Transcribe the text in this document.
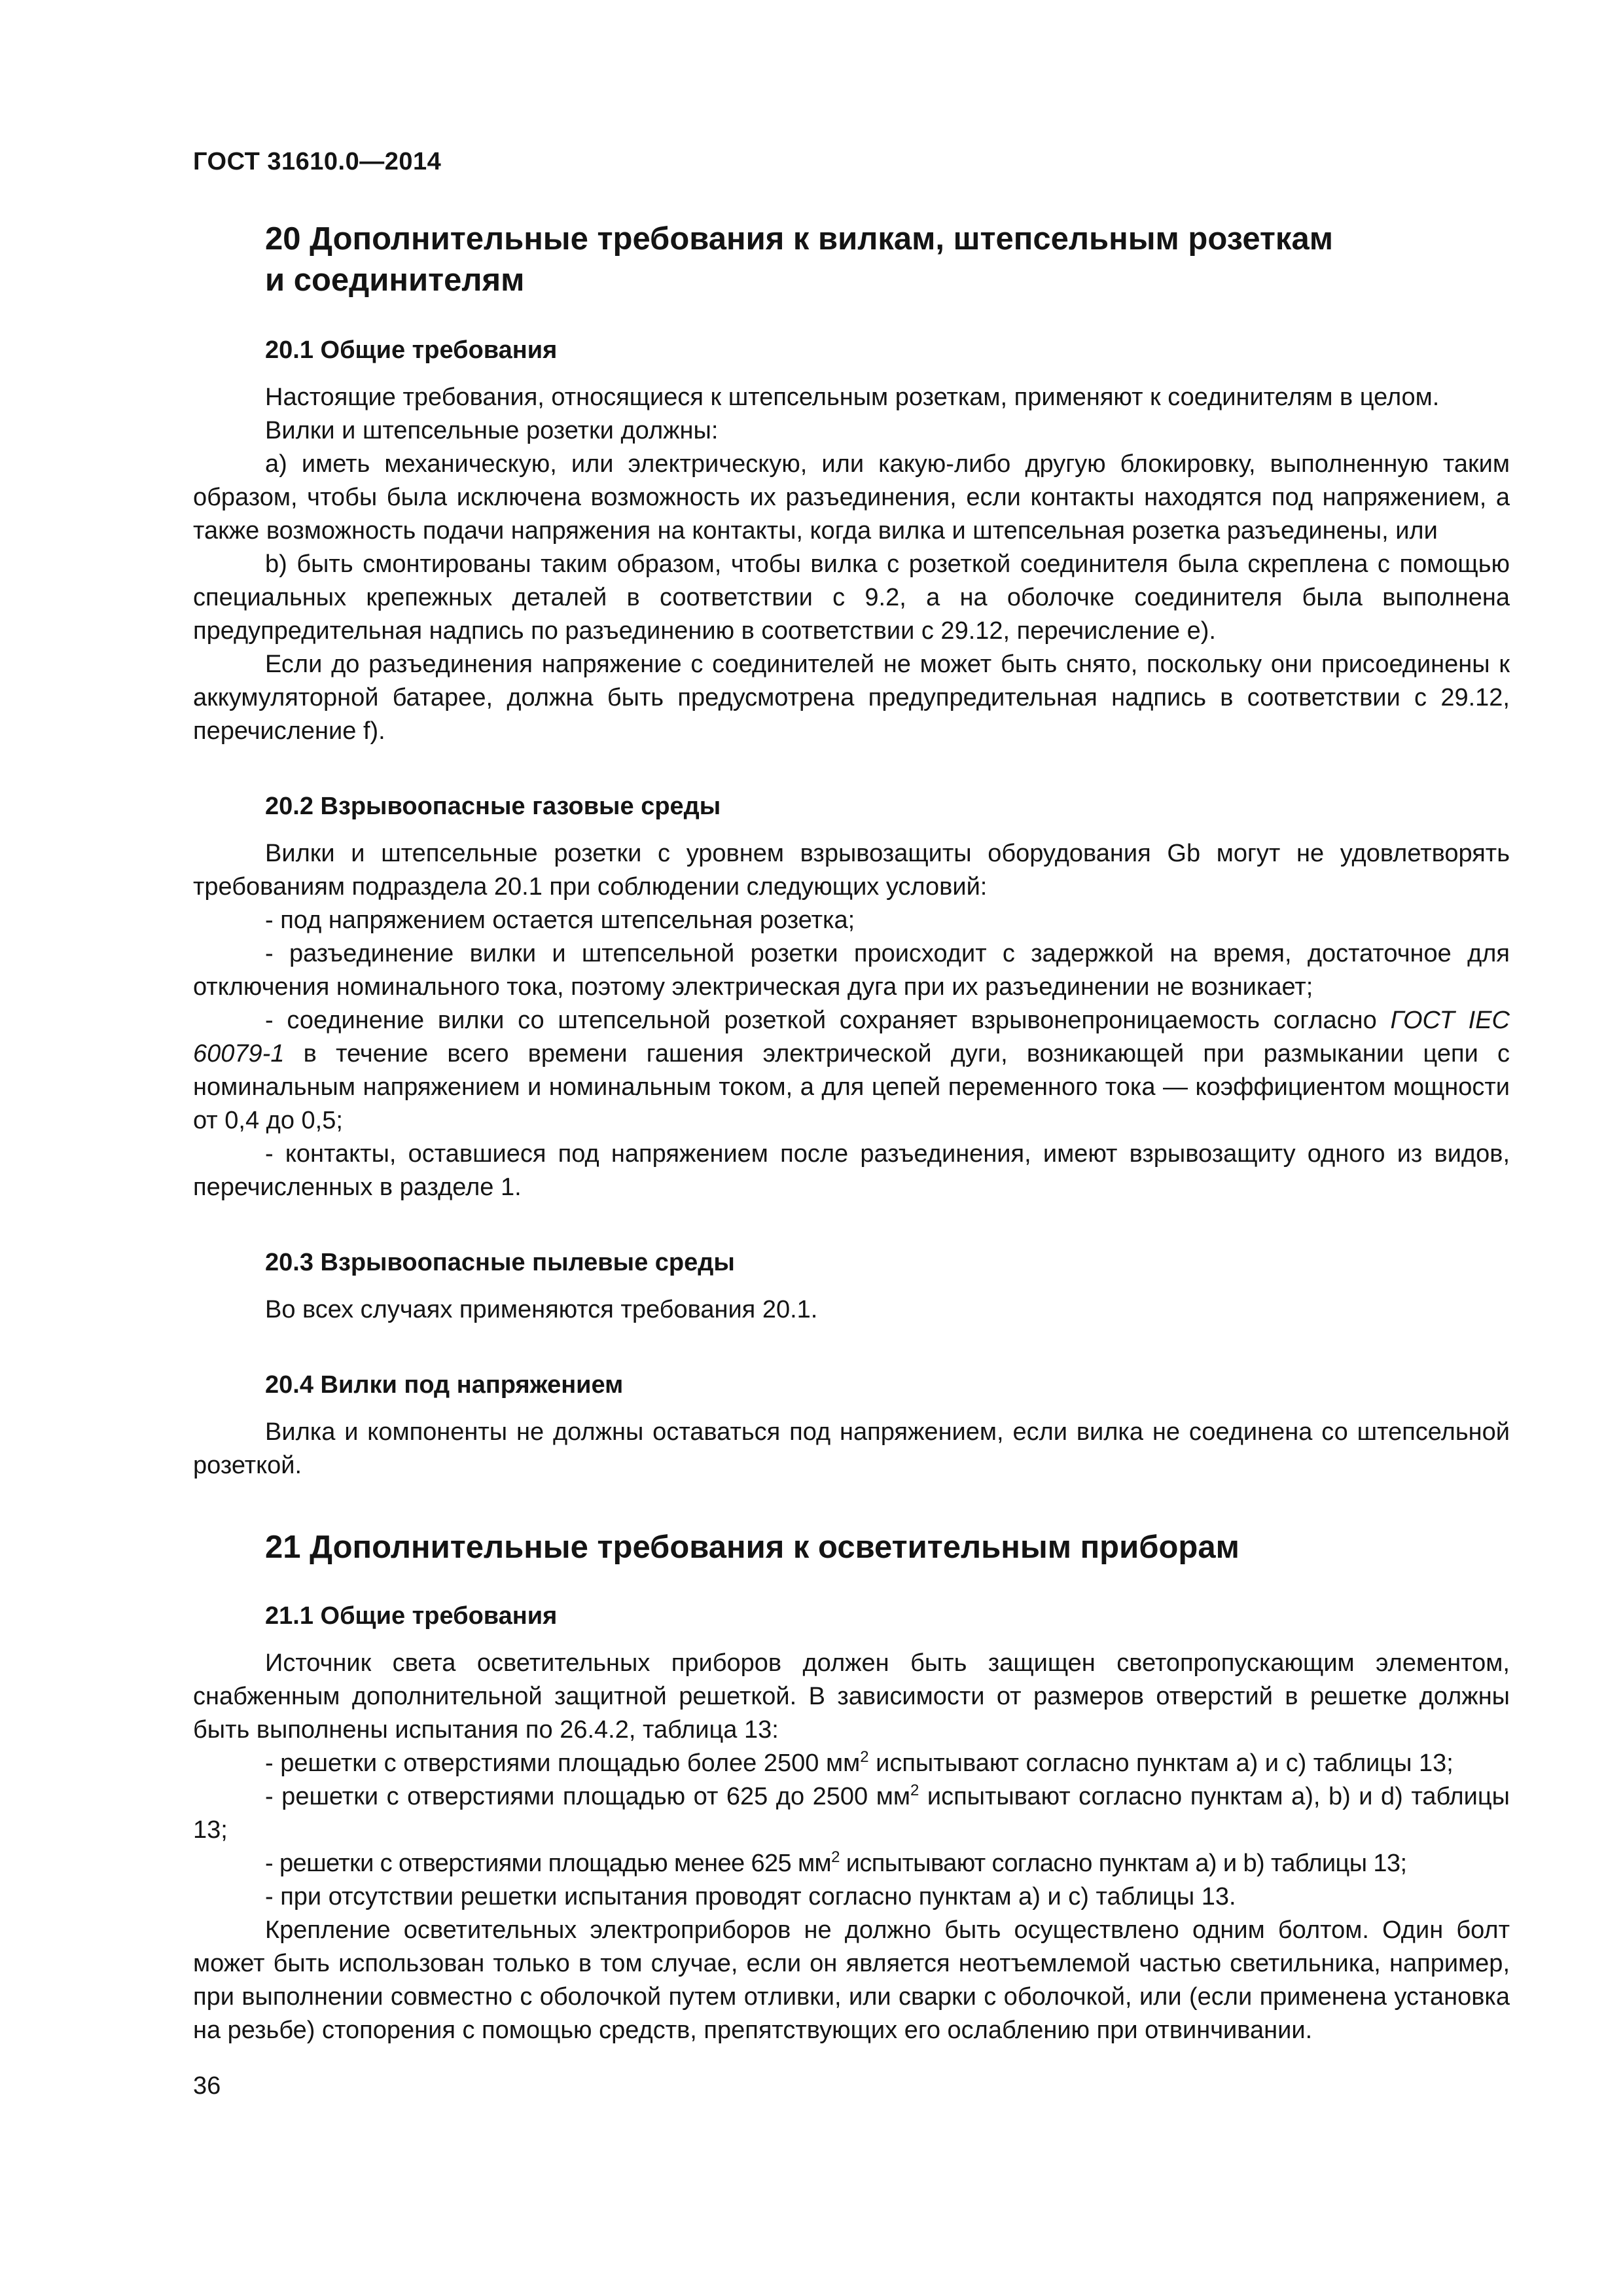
ГОСТ 31610.0—2014
20 Дополнительные требования к вилкам, штепсельным розеткам
и соединителям
20.1 Общие требования

Настоящие требования, относящиеся к штепсельным розеткам, применяют к соединителям в целом.

Вилки и штепсельные розетки должны:

а) иметь механическую, или электрическую, или какую-либо другую блокировку, выполненную таким образом, чтобы была исключена возможность их разъединения, если контакты находятся под напряжением, а также возможность подачи напряжения на контакты, когда вилка и штепсельная розетка разъединены, или

b) быть смонтированы таким образом, чтобы вилка с розеткой соединителя была скреплена с помощью специальных крепежных деталей в соответствии с 9.2, а на оболочке соединителя была выполнена предупредительная надпись по разъединению в соответствии с 29.12, перечисление е).

Если до разъединения напряжение с соединителей не может быть снято, поскольку они присоединены к аккумуляторной батарее, должна быть предусмотрена предупредительная надпись в соответствии с 29.12, перечисление f).

20.2 Взрывоопасные газовые среды

Вилки и штепсельные розетки с уровнем взрывозащиты оборудования Gb могут не удовлетворять требованиям подраздела 20.1 при соблюдении следующих условий:

- под напряжением остается штепсельная розетка;

- разъединение вилки и штепсельной розетки происходит с задержкой на время, достаточное для отключения номинального тока, поэтому электрическая дуга при их разъединении не возникает;

- соединение вилки со штепсельной розеткой сохраняет взрывонепроницаемость согласно ГОСТ IEC 60079-1 в течение всего времени гашения электрической дуги, возникающей при размыкании цепи с номинальным напряжением и номинальным током, а для цепей переменного тока — коэффициентом мощности от 0,4 до 0,5;

- контакты, оставшиеся под напряжением после разъединения, имеют взрывозащиту одного из видов, перечисленных в разделе 1.

20.3 Взрывоопасные пылевые среды

Во всех случаях применяются требования 20.1.

20.4 Вилки под напряжением

Вилка и компоненты не должны оставаться под напряжением, если вилка не соединена со штепсельной розеткой.

21 Дополнительные требования к осветительным приборам
21.1 Общие требования

Источник света осветительных приборов должен быть защищен светопропускающим элементом, снабженным дополнительной защитной решеткой. В зависимости от размеров отверстий в решетке должны быть выполнены испытания по 26.4.2, таблица 13:

- решетки с отверстиями площадью более 2500 $мм^2$ испытывают согласно пунктам а) и с) таблицы 13;

- решетки с отверстиями площадью от 625 до 2500 $мм^2$ испытывают согласно пунктам а), b) и d) таблицы 13;

- решетки с отверстиями площадью менее 625 $мм^2$ испытывают согласно пунктам а) и b) таблицы 13;

- при отсутствии решетки испытания проводят согласно пунктам а) и с) таблицы 13.

Крепление осветительных электроприборов не должно быть осуществлено одним болтом. Один болт может быть использован только в том случае, если он является неотъемлемой частью светильника, например, при выполнении совместно с оболочкой путем отливки, или сварки с оболочкой, или (если применена установка на резьбе) стопорения с помощью средств, препятствующих его ослаблению при отвинчивании.

36
